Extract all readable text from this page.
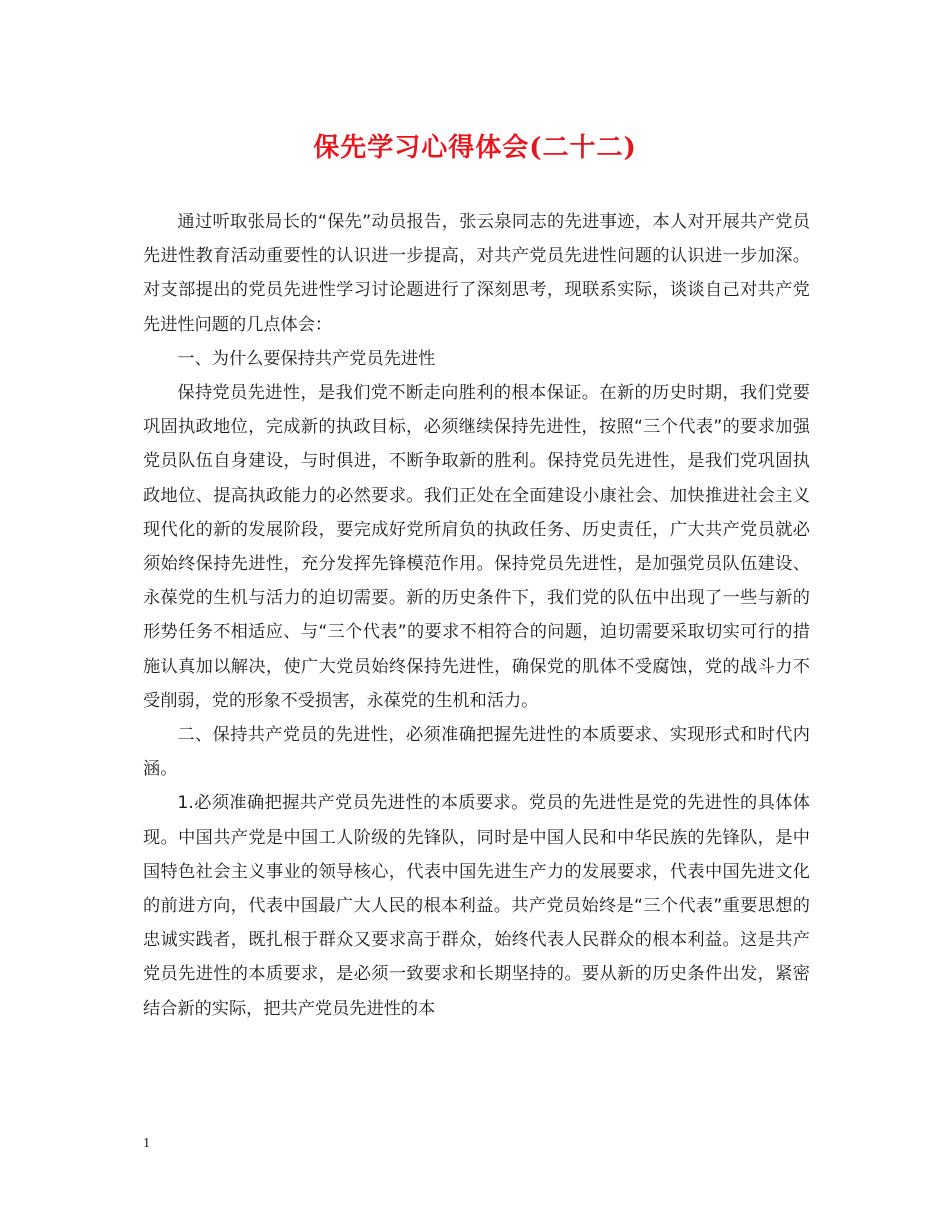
保先学习心得体会(二十二)

通过听取张局长的“保先”动员报告，张云泉同志的先进事迹，本人对开展共产党员先进性教育活动重要性的认识进一步提高，对共产党员先进性问题的认识进一步加深。对支部提出的党员先进性学习讨论题进行了深刻思考，现联系实际，谈谈自己对共产党先进性问题的几点体会：

一、为什么要保持共产党员先进性

保持党员先进性，是我们党不断走向胜利的根本保证。在新的历史时期，我们党要巩固执政地位，完成新的执政目标，必须继续保持先进性，按照“三个代表”的要求加强党员队伍自身建设，与时俱进，不断争取新的胜利。保持党员先进性，是我们党巩固执政地位、提高执政能力的必然要求。我们正处在全面建设小康社会、加快推进社会主义现代化的新的发展阶段，要完成好党所肩负的执政任务、历史责任，广大共产党员就必须始终保持先进性，充分发挥先锋模范作用。保持党员先进性，是加强党员队伍建设、永葆党的生机与活力的迫切需要。新的历史条件下，我们党的队伍中出现了一些与新的形势任务不相适应、与“三个代表”的要求不相符合的问题，迫切需要采取切实可行的措施认真加以解决，使广大党员始终保持先进性，确保党的肌体不受腐蚀，党的战斗力不受削弱，党的形象不受损害，永葆党的生机和活力。

二、保持共产党员的先进性，必须准确把握先进性的本质要求、实现形式和时代内涵。

1.必须准确把握共产党员先进性的本质要求。党员的先进性是党的先进性的具体体现。中国共产党是中国工人阶级的先锋队，同时是中国人民和中华民族的先锋队，是中国特色社会主义事业的领导核心，代表中国先进生产力的发展要求，代表中国先进文化的前进方向，代表中国最广大人民的根本利益。共产党员始终是“三个代表”重要思想的忠诚实践者，既扎根于群众又要求高于群众，始终代表人民群众的根本利益。这是共产党员先进性的本质要求，是必须一致要求和长期坚持的。要从新的历史条件出发，紧密结合新的实际，把共产党员先进性的本

1
